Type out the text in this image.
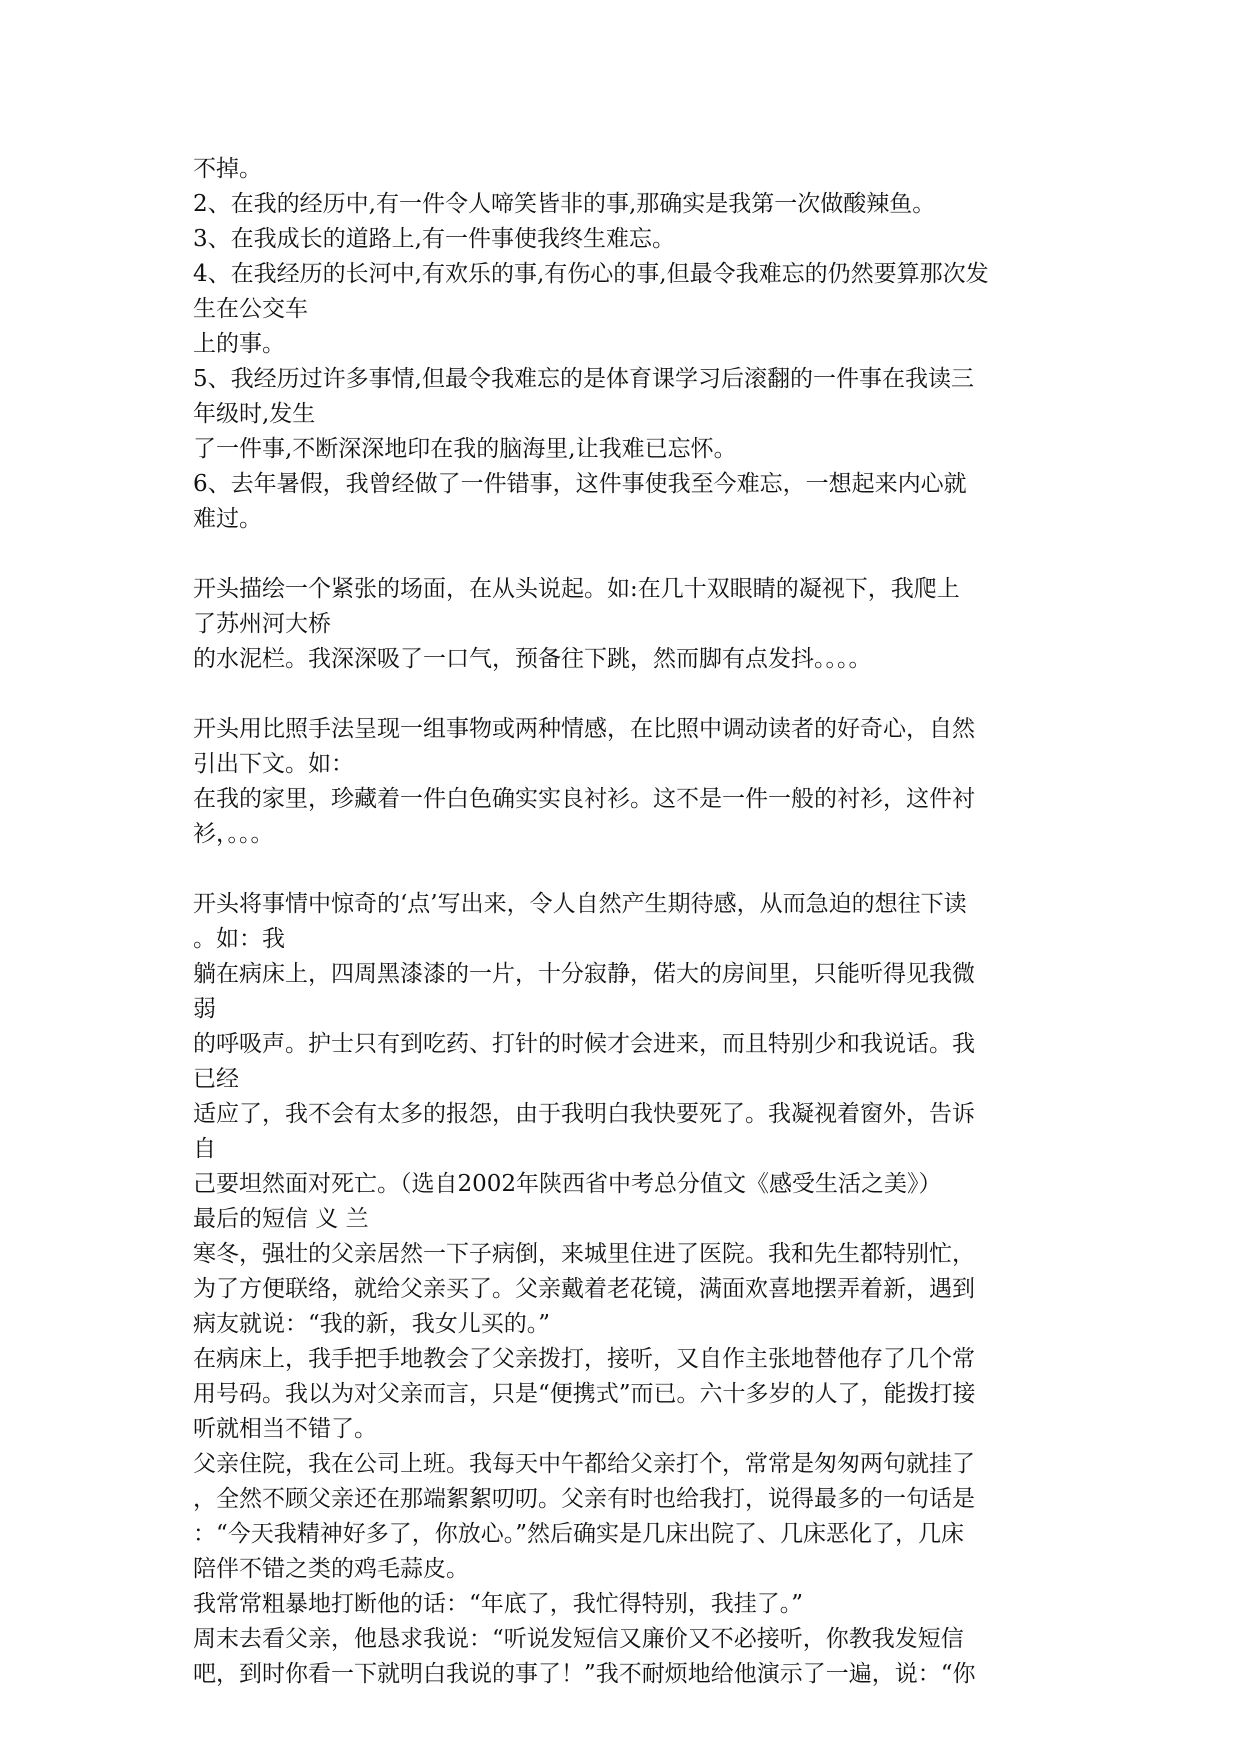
不掉。
2、在我的经历中,有一件令人啼笑皆非的事,那确实是我第一次做酸辣鱼。
3、在我成长的道路上,有一件事使我终生难忘。
4、在我经历的长河中,有欢乐的事,有伤心的事,但最令我难忘的仍然要算那次发
生在公交车
上的事。
5、我经历过许多事情,但最令我难忘的是体育课学习后滚翻的一件事在我读三
年级时,发生
了一件事,不断深深地印在我的脑海里,让我难已忘怀。
6、去年暑假，我曾经做了一件错事，这件事使我至今难忘，一想起来内心就
难过。
开头描绘一个紧张的场面，在从头说起。如:在几十双眼睛的凝视下，我爬上
了苏州河大桥
的水泥栏。我深深吸了一口气，预备往下跳，然而脚有点发抖。。。。
开头用比照手法呈现一组事物或两种情感，在比照中调动读者的好奇心，自然
引出下文。如：
在我的家里，珍藏着一件白色确实实良衬衫。这不是一件一般的衬衫，这件衬
衫，。。。
开头将事情中惊奇的‘点’写出来，令人自然产生期待感，从而急迫的想往下读
。如：我
躺在病床上，四周黑漆漆的一片，十分寂静，偌大的房间里，只能听得见我微
弱
的呼吸声。护士只有到吃药、打针的时候才会进来，而且特别少和我说话。我
已经
适应了，我不会有太多的报怨，由于我明白我快要死了。我凝视着窗外，告诉
自
己要坦然面对死亡。（选自2002年陕西省中考总分值文《感受生活之美》）
最后的短信 义 兰
寒冬，强壮的父亲居然一下子病倒，来城里住进了医院。我和先生都特别忙，
为了方便联络，就给父亲买了。父亲戴着老花镜，满面欢喜地摆弄着新，遇到
病友就说：“我的新，我女儿买的。”
在病床上，我手把手地教会了父亲拨打，接听，又自作主张地替他存了几个常
用号码。我以为对父亲而言，只是“便携式”而已。六十多岁的人了，能拨打接
听就相当不错了。
父亲住院，我在公司上班。我每天中午都给父亲打个，常常是匆匆两句就挂了
，全然不顾父亲还在那端絮絮叨叨。父亲有时也给我打，说得最多的一句话是
：“今天我精神好多了，你放心。”然后确实是几床出院了、几床恶化了，几床
陪伴不错之类的鸡毛蒜皮。
我常常粗暴地打断他的话：“年底了，我忙得特别，我挂了。”
周末去看父亲，他恳求我说：“听说发短信又廉价又不必接听，你教我发短信
吧，到时你看一下就明白我说的事了！”我不耐烦地给他演示了一遍，说：“你
